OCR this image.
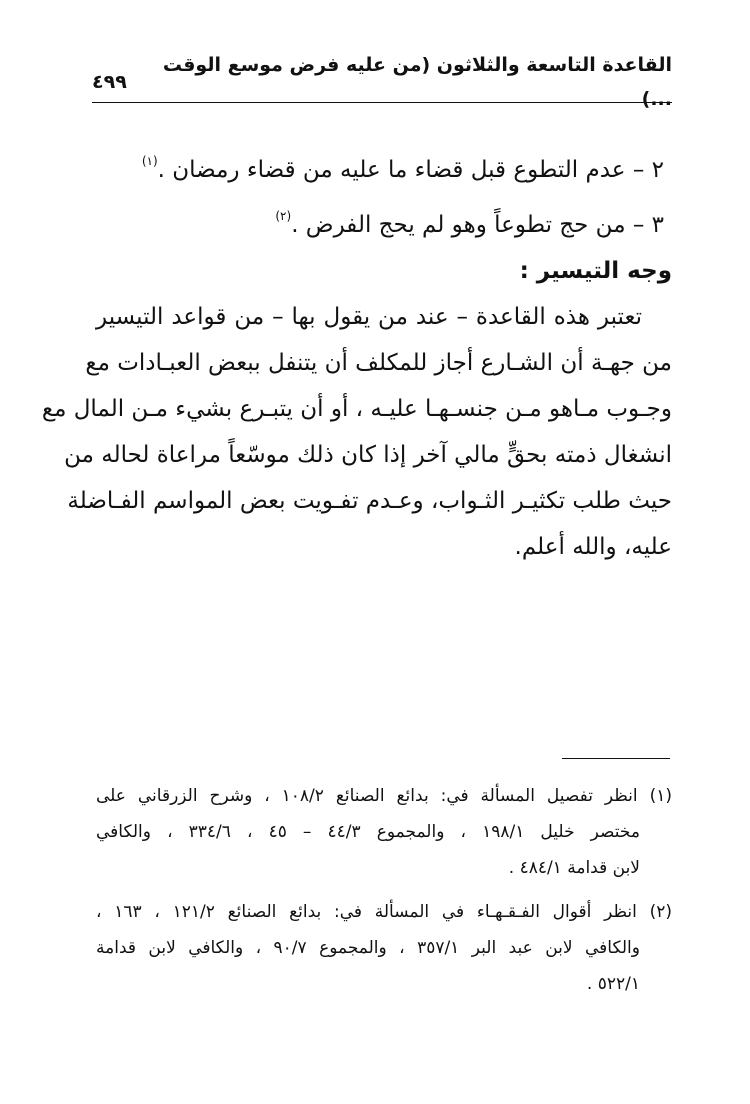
القاعدة التاسعة والثلاثون (من عليه فرض موسع الوقت ...)
٤٩٩

٢ – عدم التطوع قبل قضاء ما عليه من قضاء رمضان .$^{(١)}$

٣ – من حج تطوعاً وهو لم يحج الفرض .$^{(٢)}$

وجه التيسير :

تعتبر هذه القاعدة – عند من يقول بها – من قواعد التيسير

من جهـة أن الشـارع أجاز للمكلف أن يتنفل ببعض العبـادات مع

وجـوب مـاهو مـن جنسـهـا عليـه ، أو أن يتبـرع بشيء مـن المال مع

انشغال ذمته بحقٍّ مالي آخر إذا كان ذلك موسّعاً مراعاة لحاله من

حيث طلب تكثيـر الثـواب، وعـدم تفـويت بعض المواسم الفـاضلة

عليه، والله أعلم.

(١) انظر تفصيل المسألة في: بدائع الصنائع ١٠٨/٢ ، وشرح الزرقاني على

مختصر خليل ١٩٨/١ ، والمجموع ٤٤/٣ – ٤٥ ، ٣٣٤/٦ ، والكافي

لابن قدامة ٤٨٤/١ .

(٢) انظر أقوال الفـقـهـاء في المسألة في: بدائع الصنائع ١٢١/٢ ، ١٦٣ ،

والكافي لابن عبد البر ٣٥٧/١ ، والمجموع ٩٠/٧ ، والكافي لابن قدامة

٥٢٢/١ .
